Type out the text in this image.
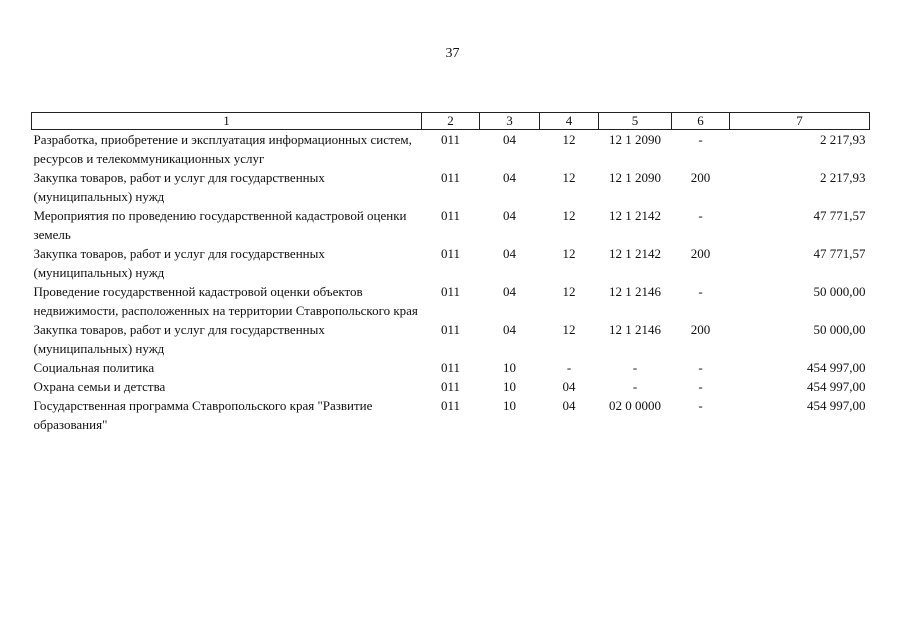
37
1	2	3	4	5	6	7
Разработка, приобретение и эксплуатация информационных систем, ресурсов и телекоммуникационных услуг	011	04	12	12 1 2090	-	2 217,93
Закупка товаров, работ и услуг для государственных (муниципальных) нужд	011	04	12	12 1 2090	200	2 217,93
Мероприятия по проведению государственной кадастровой оценки земель	011	04	12	12 1 2142	-	47 771,57
Закупка товаров, работ и услуг для государственных (муниципальных) нужд	011	04	12	12 1 2142	200	47 771,57
Проведение государственной кадастровой оценки объектов недвижимости, расположенных на территории Ставропольского края	011	04	12	12 1 2146	-	50 000,00
Закупка товаров, работ и услуг для государственных (муниципальных) нужд	011	04	12	12 1 2146	200	50 000,00
Социальная политика	011	10	-	-	-	454 997,00
Охрана семьи и детства	011	10	04	-	-	454 997,00
Государственная программа Ставропольского края "Развитие образования"	011	10	04	02 0 0000	-	454 997,00
